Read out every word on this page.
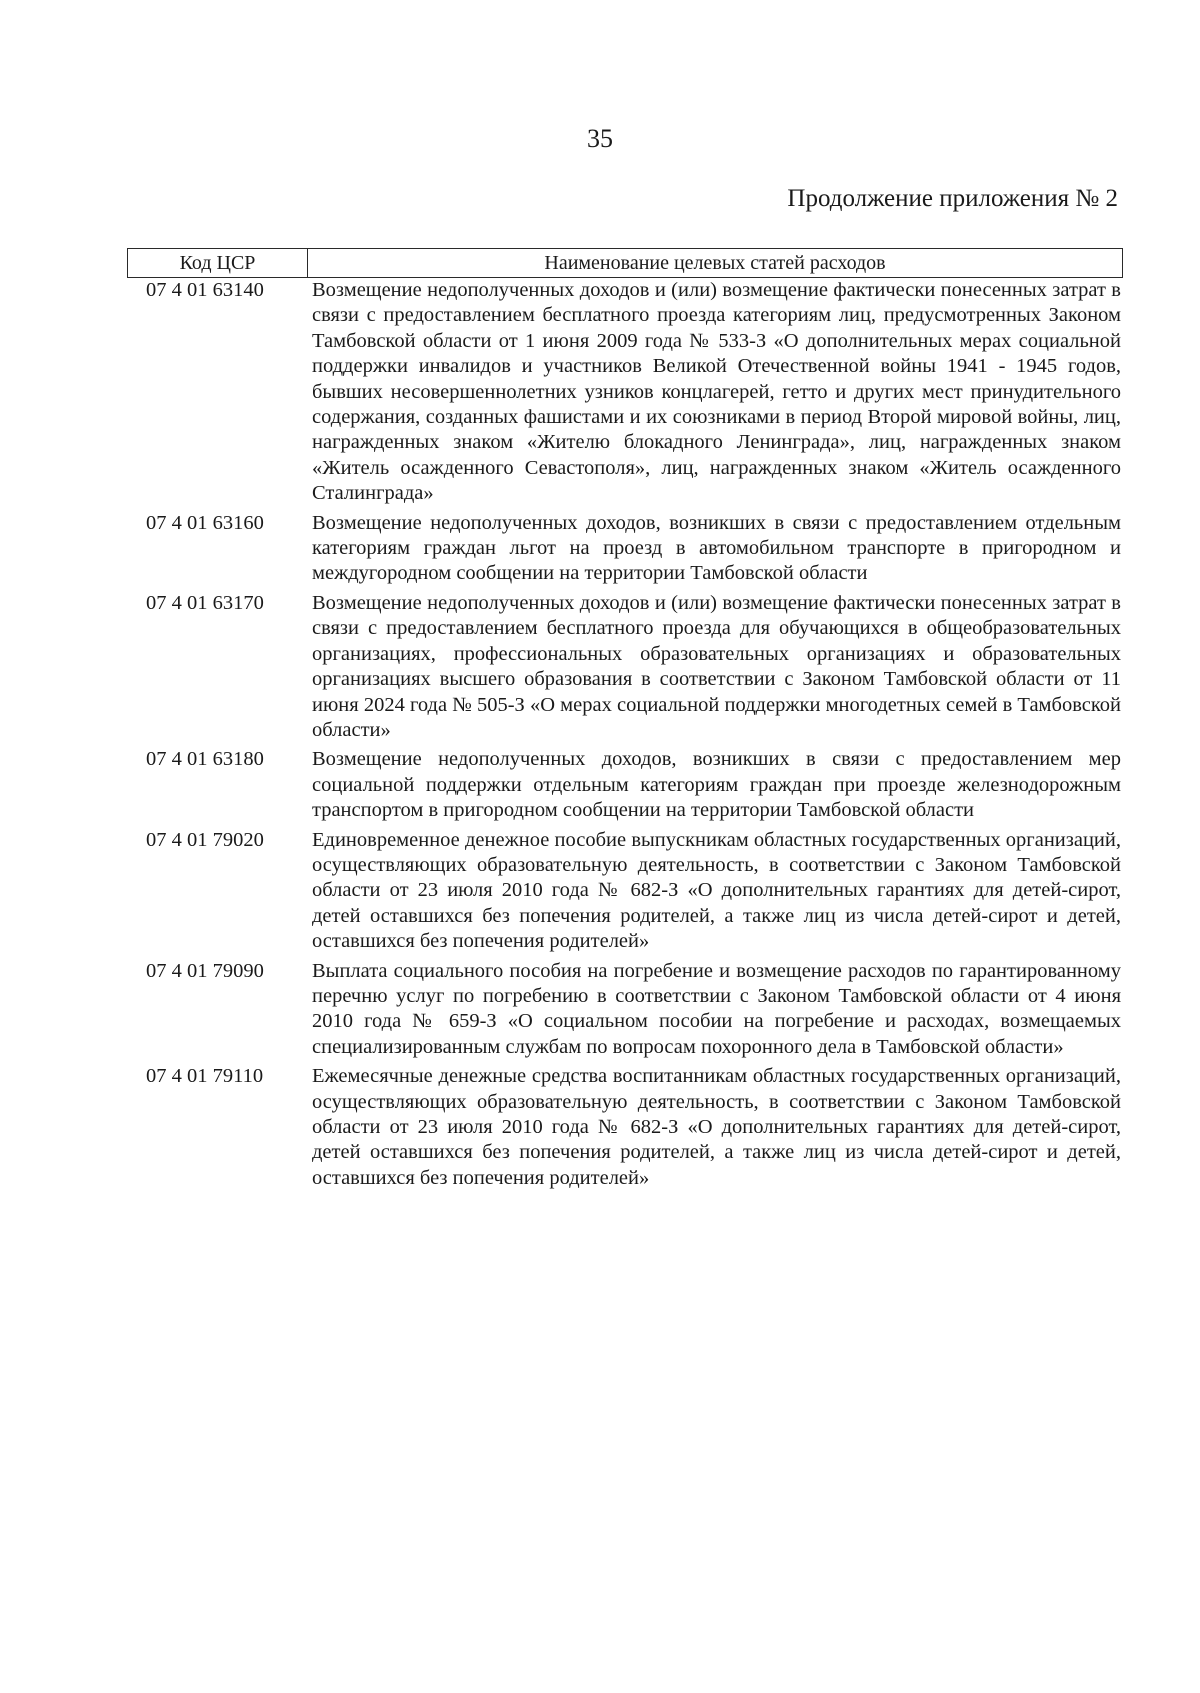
35
Продолжение приложения № 2
Код ЦСР	Наименование целевых статей расходов
07 4 01 63140	Возмещение недополученных доходов и (или) возмещение фактически понесенных затрат в связи с предоставлением бесплатного проезда категориям лиц, предусмотренных Законом Тамбовской области от 1 июня 2009 года № 533-З «О дополнительных мерах социальной поддержки инвалидов и участников Великой Отечественной войны 1941 - 1945 годов, бывших несовершеннолетних узников концлагерей, гетто и других мест принудительного содержания, созданных фашистами и их союзниками в период Второй мировой войны, лиц, награжденных знаком «Жителю блокадного Ленинграда», лиц, награжденных знаком «Житель осажденного Севастополя», лиц, награжденных знаком «Житель осажденного Сталинграда»
07 4 01 63160	Возмещение недополученных доходов, возникших в связи с предоставлением отдельным категориям граждан льгот на проезд в автомобильном транспорте в пригородном и междугородном сообщении на территории Тамбовской области
07 4 01 63170	Возмещение недополученных доходов и (или) возмещение фактически понесенных затрат в связи с предоставлением бесплатного проезда для обучающихся в общеобразовательных организациях, профессиональных образовательных организациях и образовательных организациях высшего образования в соответствии с Законом Тамбовской области от 11 июня 2024 года № 505-З «О мерах социальной поддержки многодетных семей в Тамбовской области»
07 4 01 63180	Возмещение недополученных доходов, возникших в связи с предоставлением мер социальной поддержки отдельным категориям граждан при проезде железнодорожным транспортом в пригородном сообщении на территории Тамбовской области
07 4 01 79020	Единовременное денежное пособие выпускникам областных государственных организаций, осуществляющих образовательную деятельность, в соответствии с Законом Тамбовской области от 23 июля 2010 года № 682-З «О дополнительных гарантиях для детей-сирот, детей оставшихся без попечения родителей, а также лиц из числа детей-сирот и детей, оставшихся без попечения родителей»
07 4 01 79090	Выплата социального пособия на погребение и возмещение расходов по гарантированному перечню услуг по погребению в соответствии с Законом Тамбовской области от 4 июня 2010 года № 659-З «О социальном пособии на погребение и расходах, возмещаемых специализированным службам по вопросам похоронного дела в Тамбовской области»
07 4 01 79110	Ежемесячные денежные средства воспитанникам областных государственных организаций, осуществляющих образовательную деятельность, в соответствии с Законом Тамбовской области от 23 июля 2010 года № 682-З «О дополнительных гарантиях для детей-сирот, детей оставшихся без попечения родителей, а также лиц из числа детей-сирот и детей, оставшихся без попечения родителей»
